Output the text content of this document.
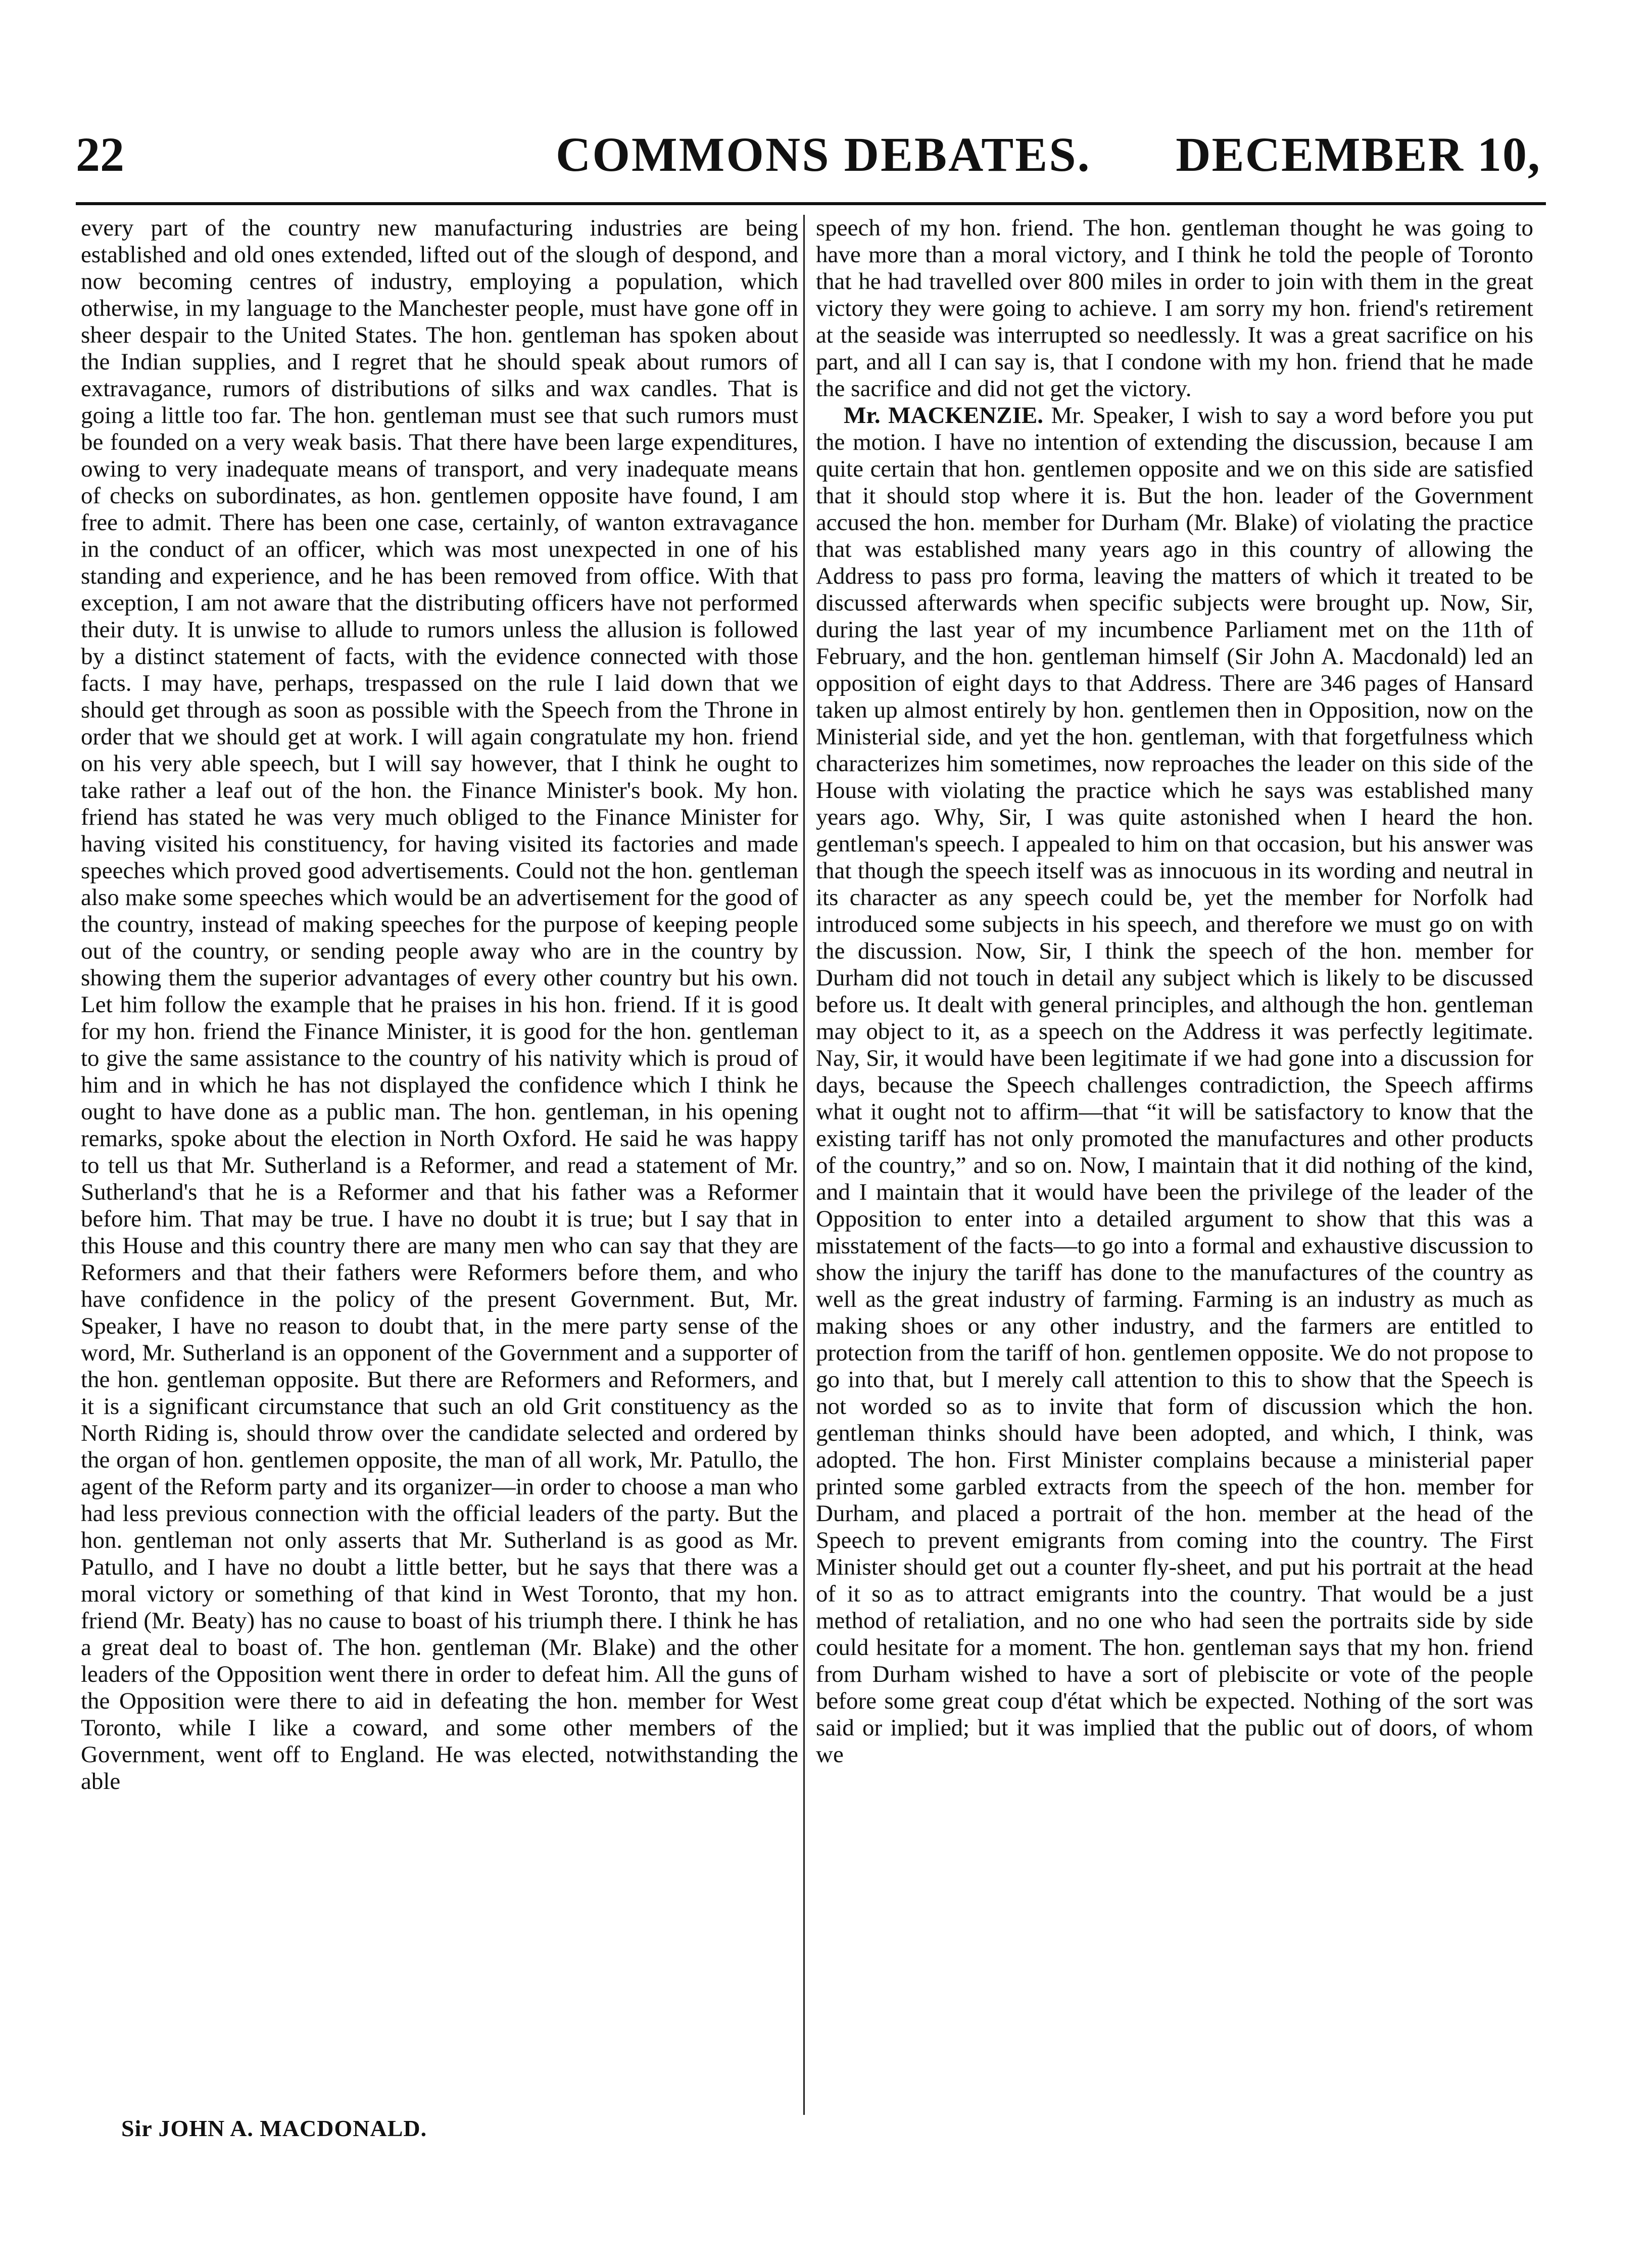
22	COMMONS DEBATES. DECEMBER 10,

every part of the country new manufacturing industries are being established and old ones extended, lifted out of the slough of despond, and now becoming centres of industry, employing a population, which otherwise, in my language to the Manchester people, must have gone off in sheer despair to the United States. The hon. gentleman has spoken about the Indian supplies, and I regret that he should speak about rumors of extravagance, rumors of distributions of silks and wax candles. That is going a little too far. The hon. gentleman must see that such rumors must be founded on a very weak basis. That there have been large expenditures, owing to very inadequate means of transport, and very inadequate means of checks on subordinates, as hon. gentlemen opposite have found, I am free to admit. There has been one case, certainly, of wanton extravagance in the conduct of an officer, which was most unexpected in one of his standing and experience, and he has been removed from office. With that exception, I am not aware that the distributing officers have not performed their duty. It is unwise to allude to rumors unless the allusion is followed by a distinct statement of facts, with the evidence connected with those facts. I may have, perhaps, trespassed on the rule I laid down that we should get through as soon as possible with the Speech from the Throne in order that we should get at work. I will again congratulate my hon. friend on his very able speech, but I will say however, that I think he ought to take rather a leaf out of the hon. the Finance Minister's book. My hon. friend has stated he was very much obliged to the Finance Minister for having visited his constituency, for having visited its factories and made speeches which proved good advertisements. Could not the hon. gentleman also make some speeches which would be an advertisement for the good of the country, instead of making speeches for the purpose of keeping people out of the country, or sending people away who are in the country by showing them the superior advantages of every other country but his own. Let him follow the example that he praises in his hon. friend. If it is good for my hon. friend the Finance Minister, it is good for the hon. gentleman to give the same assistance to the country of his nativity which is proud of him and in which he has not displayed the confidence which I think he ought to have done as a public man. The hon. gentleman, in his opening remarks, spoke about the election in North Oxford. He said he was happy to tell us that Mr. Sutherland is a Reformer, and read a statement of Mr. Sutherland's that he is a Reformer and that his father was a Reformer before him. That may be true. I have no doubt it is true; but I say that in this House and this country there are many men who can say that they are Reformers and that their fathers were Reformers before them, and who have confidence in the policy of the present Government. But, Mr. Speaker, I have no reason to doubt that, in the mere party sense of the word, Mr. Sutherland is an opponent of the Government and a supporter of the hon. gentleman opposite. But there are Reformers and Reformers, and it is a significant circumstance that such an old Grit constituency as the North Riding is, should throw over the candidate selected and ordered by the organ of hon. gentlemen opposite, the man of all work, Mr. Patullo, the agent of the Reform party and its organizer—in order to choose a man who had less previous connection with the official leaders of the party. But the hon. gentleman not only asserts that Mr. Sutherland is as good as Mr. Patullo, and I have no doubt a little better, but he says that there was a moral victory or something of that kind in West Toronto, that my hon. friend (Mr. Beaty) has no cause to boast of his triumph there. I think he has a great deal to boast of. The hon. gentleman (Mr. Blake) and the other leaders of the Opposition went there in order to defeat him. All the guns of the Opposition were there to aid in defeating the hon. member for West Toronto, while I like a coward, and some other members of the Government, went off to England. He was elected, notwithstanding the able

speech of my hon. friend. The hon. gentleman thought he was going to have more than a moral victory, and I think he told the people of Toronto that he had travelled over 800 miles in order to join with them in the great victory they were going to achieve. I am sorry my hon. friend's retirement at the seaside was interrupted so needlessly. It was a great sacrifice on his part, and all I can say is, that I condone with my hon. friend that he made the sacrifice and did not get the victory.

Mr. MACKENZIE. Mr. Speaker, I wish to say a word before you put the motion. I have no intention of extending the discussion, because I am quite certain that hon. gentlemen opposite and we on this side are satisfied that it should stop where it is. But the hon. leader of the Government accused the hon. member for Durham (Mr. Blake) of violating the practice that was established many years ago in this country of allowing the Address to pass pro forma, leaving the matters of which it treated to be discussed afterwards when specific subjects were brought up. Now, Sir, during the last year of my incumbence Parliament met on the 11th of February, and the hon. gentleman himself (Sir John A. Macdonald) led an opposition of eight days to that Address. There are 346 pages of Hansard taken up almost entirely by hon. gentlemen then in Opposition, now on the Ministerial side, and yet the hon. gentleman, with that forgetfulness which characterizes him sometimes, now reproaches the leader on this side of the House with violating the practice which he says was established many years ago. Why, Sir, I was quite astonished when I heard the hon. gentleman's speech. I appealed to him on that occasion, but his answer was that though the speech itself was as innocuous in its wording and neutral in its character as any speech could be, yet the member for Norfolk had introduced some subjects in his speech, and therefore we must go on with the discussion. Now, Sir, I think the speech of the hon. member for Durham did not touch in detail any subject which is likely to be discussed before us. It dealt with general principles, and although the hon. gentleman may object to it, as a speech on the Address it was perfectly legitimate. Nay, Sir, it would have been legitimate if we had gone into a discussion for days, because the Speech challenges contradiction, the Speech affirms what it ought not to affirm—that “it will be satisfactory to know that the existing tariff has not only promoted the manufactures and other products of the country,” and so on. Now, I maintain that it did nothing of the kind, and I maintain that it would have been the privilege of the leader of the Opposition to enter into a detailed argument to show that this was a misstatement of the facts—to go into a formal and exhaustive discussion to show the injury the tariff has done to the manufactures of the country as well as the great industry of farming. Farming is an industry as much as making shoes or any other industry, and the farmers are entitled to protection from the tariff of hon. gentlemen opposite. We do not propose to go into that, but I merely call attention to this to show that the Speech is not worded so as to invite that form of discussion which the hon. gentleman thinks should have been adopted, and which, I think, was adopted. The hon. First Minister complains because a ministerial paper printed some garbled extracts from the speech of the hon. member for Durham, and placed a portrait of the hon. member at the head of the Speech to prevent emigrants from coming into the country. The First Minister should get out a counter fly-sheet, and put his portrait at the head of it so as to attract emigrants into the country. That would be a just method of retaliation, and no one who had seen the portraits side by side could hesitate for a moment. The hon. gentleman says that my hon. friend from Durham wished to have a sort of plebiscite or vote of the people before some great coup d'état which be expected. Nothing of the sort was said or implied; but it was implied that the public out of doors, of whom we

Sir JOHN A. MACDONALD.
